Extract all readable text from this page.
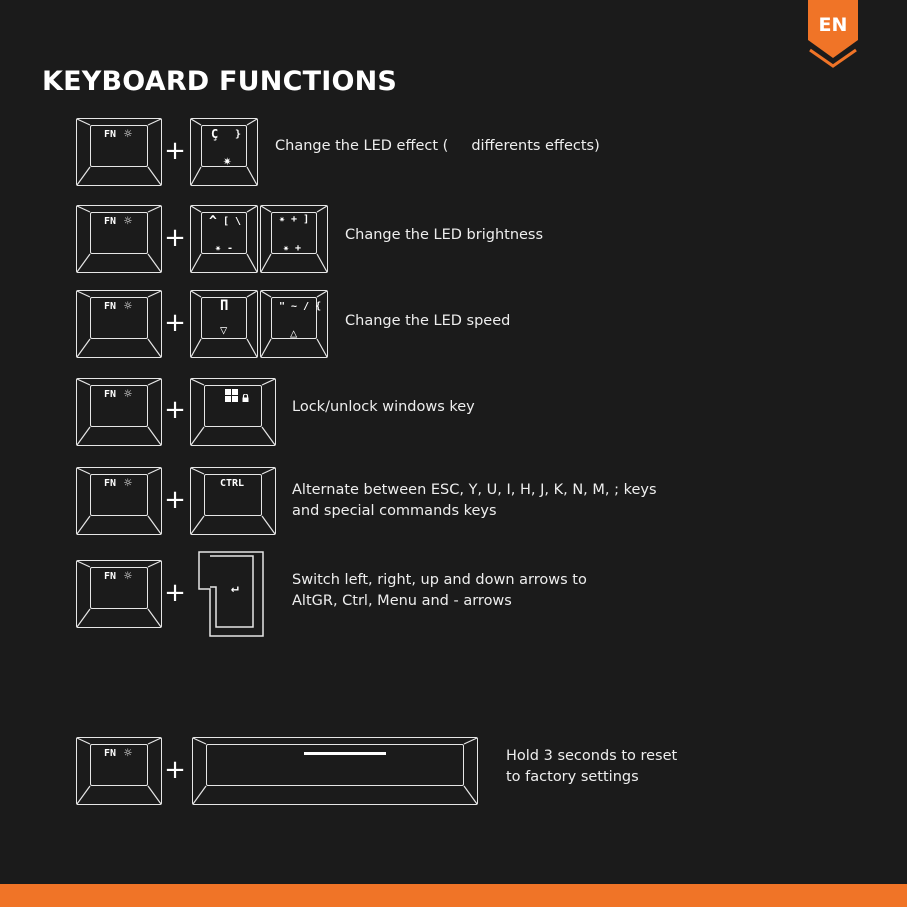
EN
KEYBOARD FUNCTIONS
FN ☼
+
Ç }
✷
Change the LED effect ( differents effects)
FN ☼
+
^ [ \
✷ -
✷ + ]
✷ +
Change the LED brightness
FN ☼
+
Π
▽
" ~ / {
△
Change the LED speed
FN ☼
+	Lock/unlock windows key
FN ☼
+
CTRL	Alternate between ESC, Y, U, I, H, J, K, N, M, ; keys
and special commands keys
FN ☼
+	↵
Switch left, right, up and down arrows to
AltGR, Ctrl, Menu and - arrows
FN ☼
+	Hold 3 seconds to reset
to factory settings
